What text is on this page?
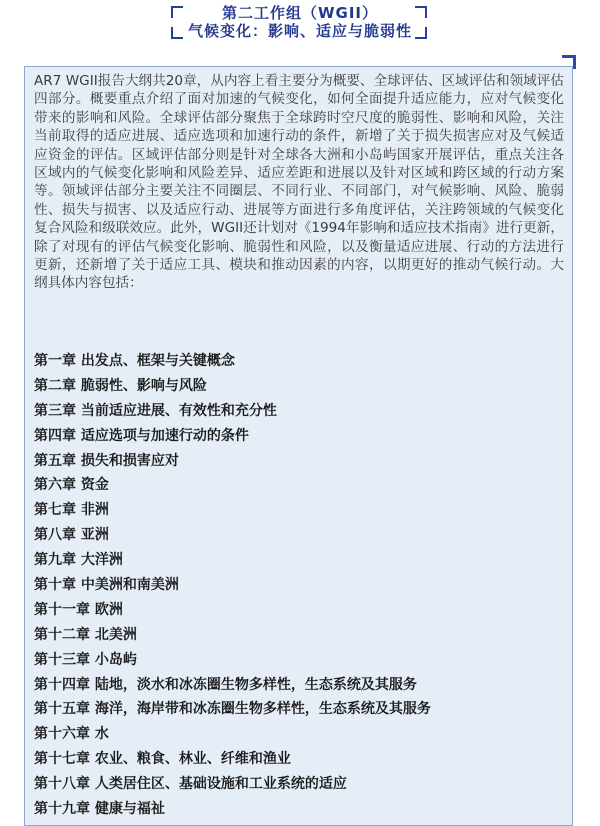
第二工作组（WGII）
气候变化：影响、适应与脆弱性
AR7 WGII报告大纲共20章，从内容上看主要分为概要、全球评估、区域评估和领域评估四部分。概要重点介绍了面对加速的气候变化，如何全面提升适应能力，应对气候变化带来的影响和风险。全球评估部分聚焦于全球跨时空尺度的脆弱性、影响和风险，关注当前取得的适应进展、适应选项和加速行动的条件，新增了关于损失损害应对及气候适应资金的评估。区域评估部分则是针对全球各大洲和小岛屿国家开展评估，重点关注各区域内的气候变化影响和风险差异、适应差距和进展以及针对区域和跨区域的行动方案等。领域评估部分主要关注不同圈层、不同行业、不同部门，对气候影响、风险、脆弱性、损失与损害、以及适应行动、进展等方面进行多角度评估，关注跨领域的气候变化复合风险和级联效应。此外，WGII还计划对《1994年影响和适应技术指南》进行更新，除了对现有的评估气候变化影响、脆弱性和风险，以及衡量适应进展、行动的方法进行更新，还新增了关于适应工具、模块和推动因素的内容，以期更好的推动气候行动。大纲具体内容包括：
第一章 出发点、框架与关键概念
第二章 脆弱性、影响与风险
第三章 当前适应进展、有效性和充分性
第四章 适应选项与加速行动的条件
第五章 损失和损害应对
第六章 资金
第七章 非洲
第八章 亚洲
第九章 大洋洲
第十章 中美洲和南美洲
第十一章 欧洲
第十二章 北美洲
第十三章 小岛屿
第十四章 陆地，淡水和冰冻圈生物多样性，生态系统及其服务
第十五章 海洋，海岸带和冰冻圈生物多样性，生态系统及其服务
第十六章 水
第十七章 农业、粮食、林业、纤维和渔业
第十八章 人类居住区、基础设施和工业系统的适应
第十九章 健康与福祉
